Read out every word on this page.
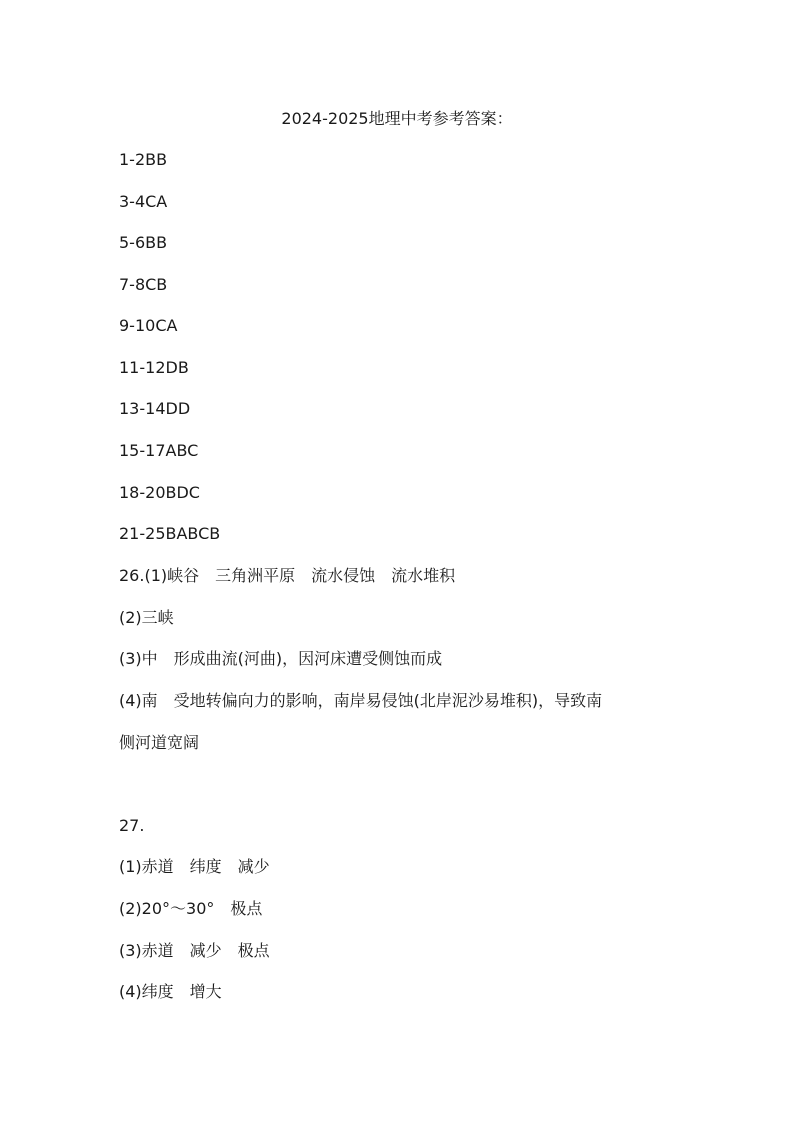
2024-2025地理中考参考答案：
1-2BB
3-4CA
5-6BB
7-8CB
9-10CA
11-12DB
13-14DD
15-17ABC
18-20BDC
21-25BABCB
26.(1)峡谷　三角洲平原　流水侵蚀　流水堆积
(2)三峡
(3)中　形成曲流(河曲)，因河床遭受侧蚀而成
(4)南　受地转偏向力的影响，南岸易侵蚀(北岸泥沙易堆积)，导致南
侧河道宽阔
27.
(1)赤道　纬度　减少
(2)20°～30°　极点
(3)赤道　减少　极点
(4)纬度　增大
